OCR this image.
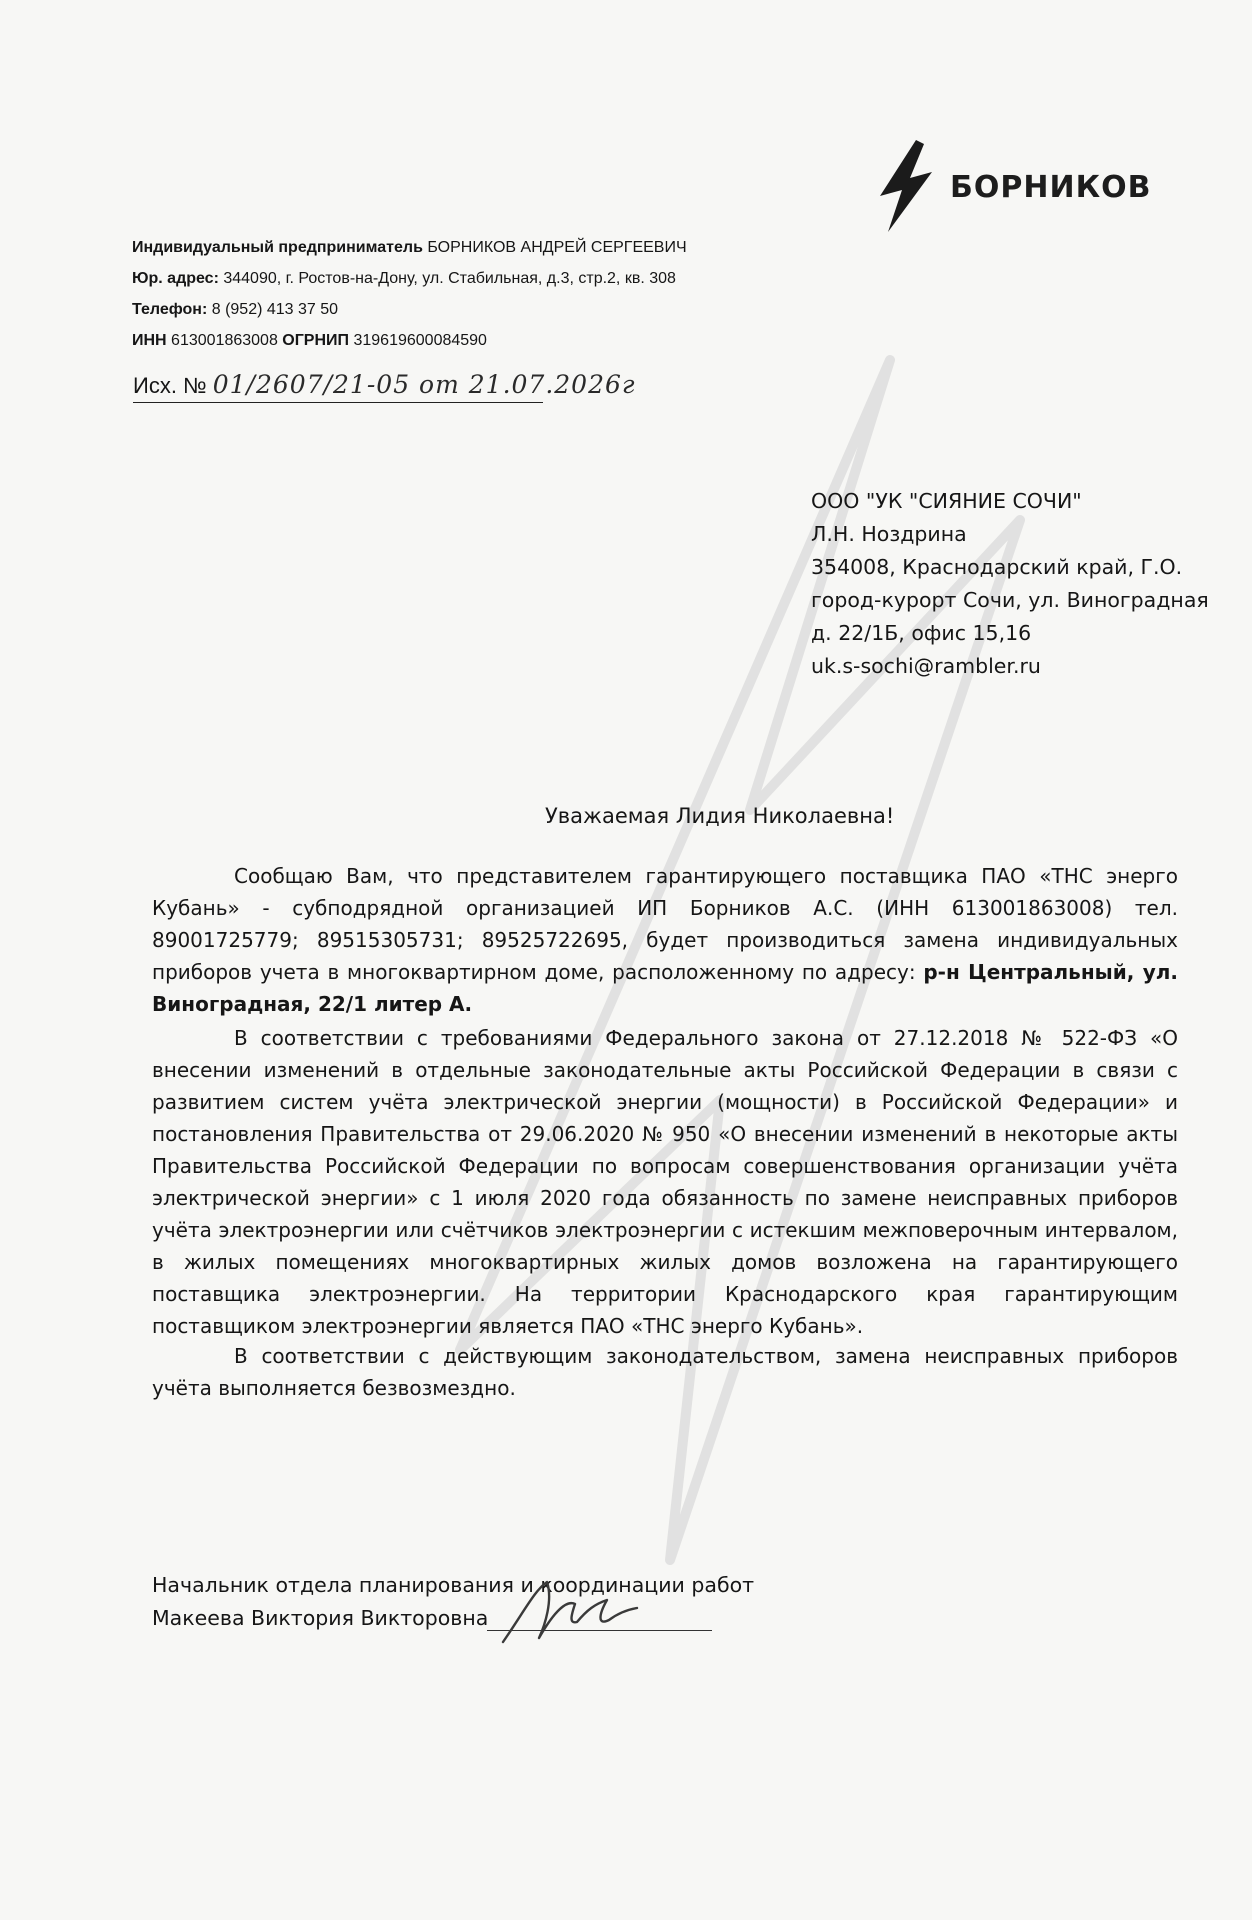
БОРНИКОВ
Индивидуальный предприниматель БОРНИКОВ АНДРЕЙ СЕРГЕЕВИЧ
Юр. адрес: 344090, г. Ростов-на-Дону, ул. Стабильная, д.3, стр.2, кв. 308
Телефон: 8 (952) 413 37 50
ИНН 613001863008 ОГРНИП 319619600084590
Исх. № 01/2607/21-05 от 21.07.2026г
ООО "УК "СИЯНИЕ СОЧИ"
Л.Н. Ноздрина
354008, Краснодарский край, Г.О.
город-курорт Сочи, ул. Виноградная
д. 22/1Б, офис 15,16
uk.s-sochi@rambler.ru
Уважаемая Лидия Николаевна!

Сообщаю Вам, что представителем гарантирующего поставщика ПАО «ТНС энерго Кубань» - субподрядной организацией ИП Борников А.С. (ИНН 613001863008) тел. 89001725779; 89515305731; 89525722695, будет производиться замена индивидуальных приборов учета в многоквартирном доме, расположенному по адресу: р-н Центральный, ул. Виноградная, 22/1 литер А.

В соответствии с требованиями Федерального закона от 27.12.2018 № 522-ФЗ «О внесении изменений в отдельные законодательные акты Российской Федерации в связи с развитием систем учёта электрической энергии (мощности) в Российской Федерации» и постановления Правительства от 29.06.2020 № 950 «О внесении изменений в некоторые акты Правительства Российской Федерации по вопросам совершенствования организации учёта электрической энергии» с 1 июля 2020 года обязанность по замене неисправных приборов учёта электроэнергии или счётчиков электроэнергии с истекшим межповерочным интервалом, в жилых помещениях многоквартирных жилых домов возложена на гарантирующего поставщика электроэнергии. На территории Краснодарского края гарантирующим поставщиком электроэнергии является ПАО «ТНС энерго Кубань».

В соответствии с действующим законодательством, замена неисправных приборов учёта выполняется безвозмездно.

Начальник отдела планирования и координации работ
Макеева Виктория Викторовна
